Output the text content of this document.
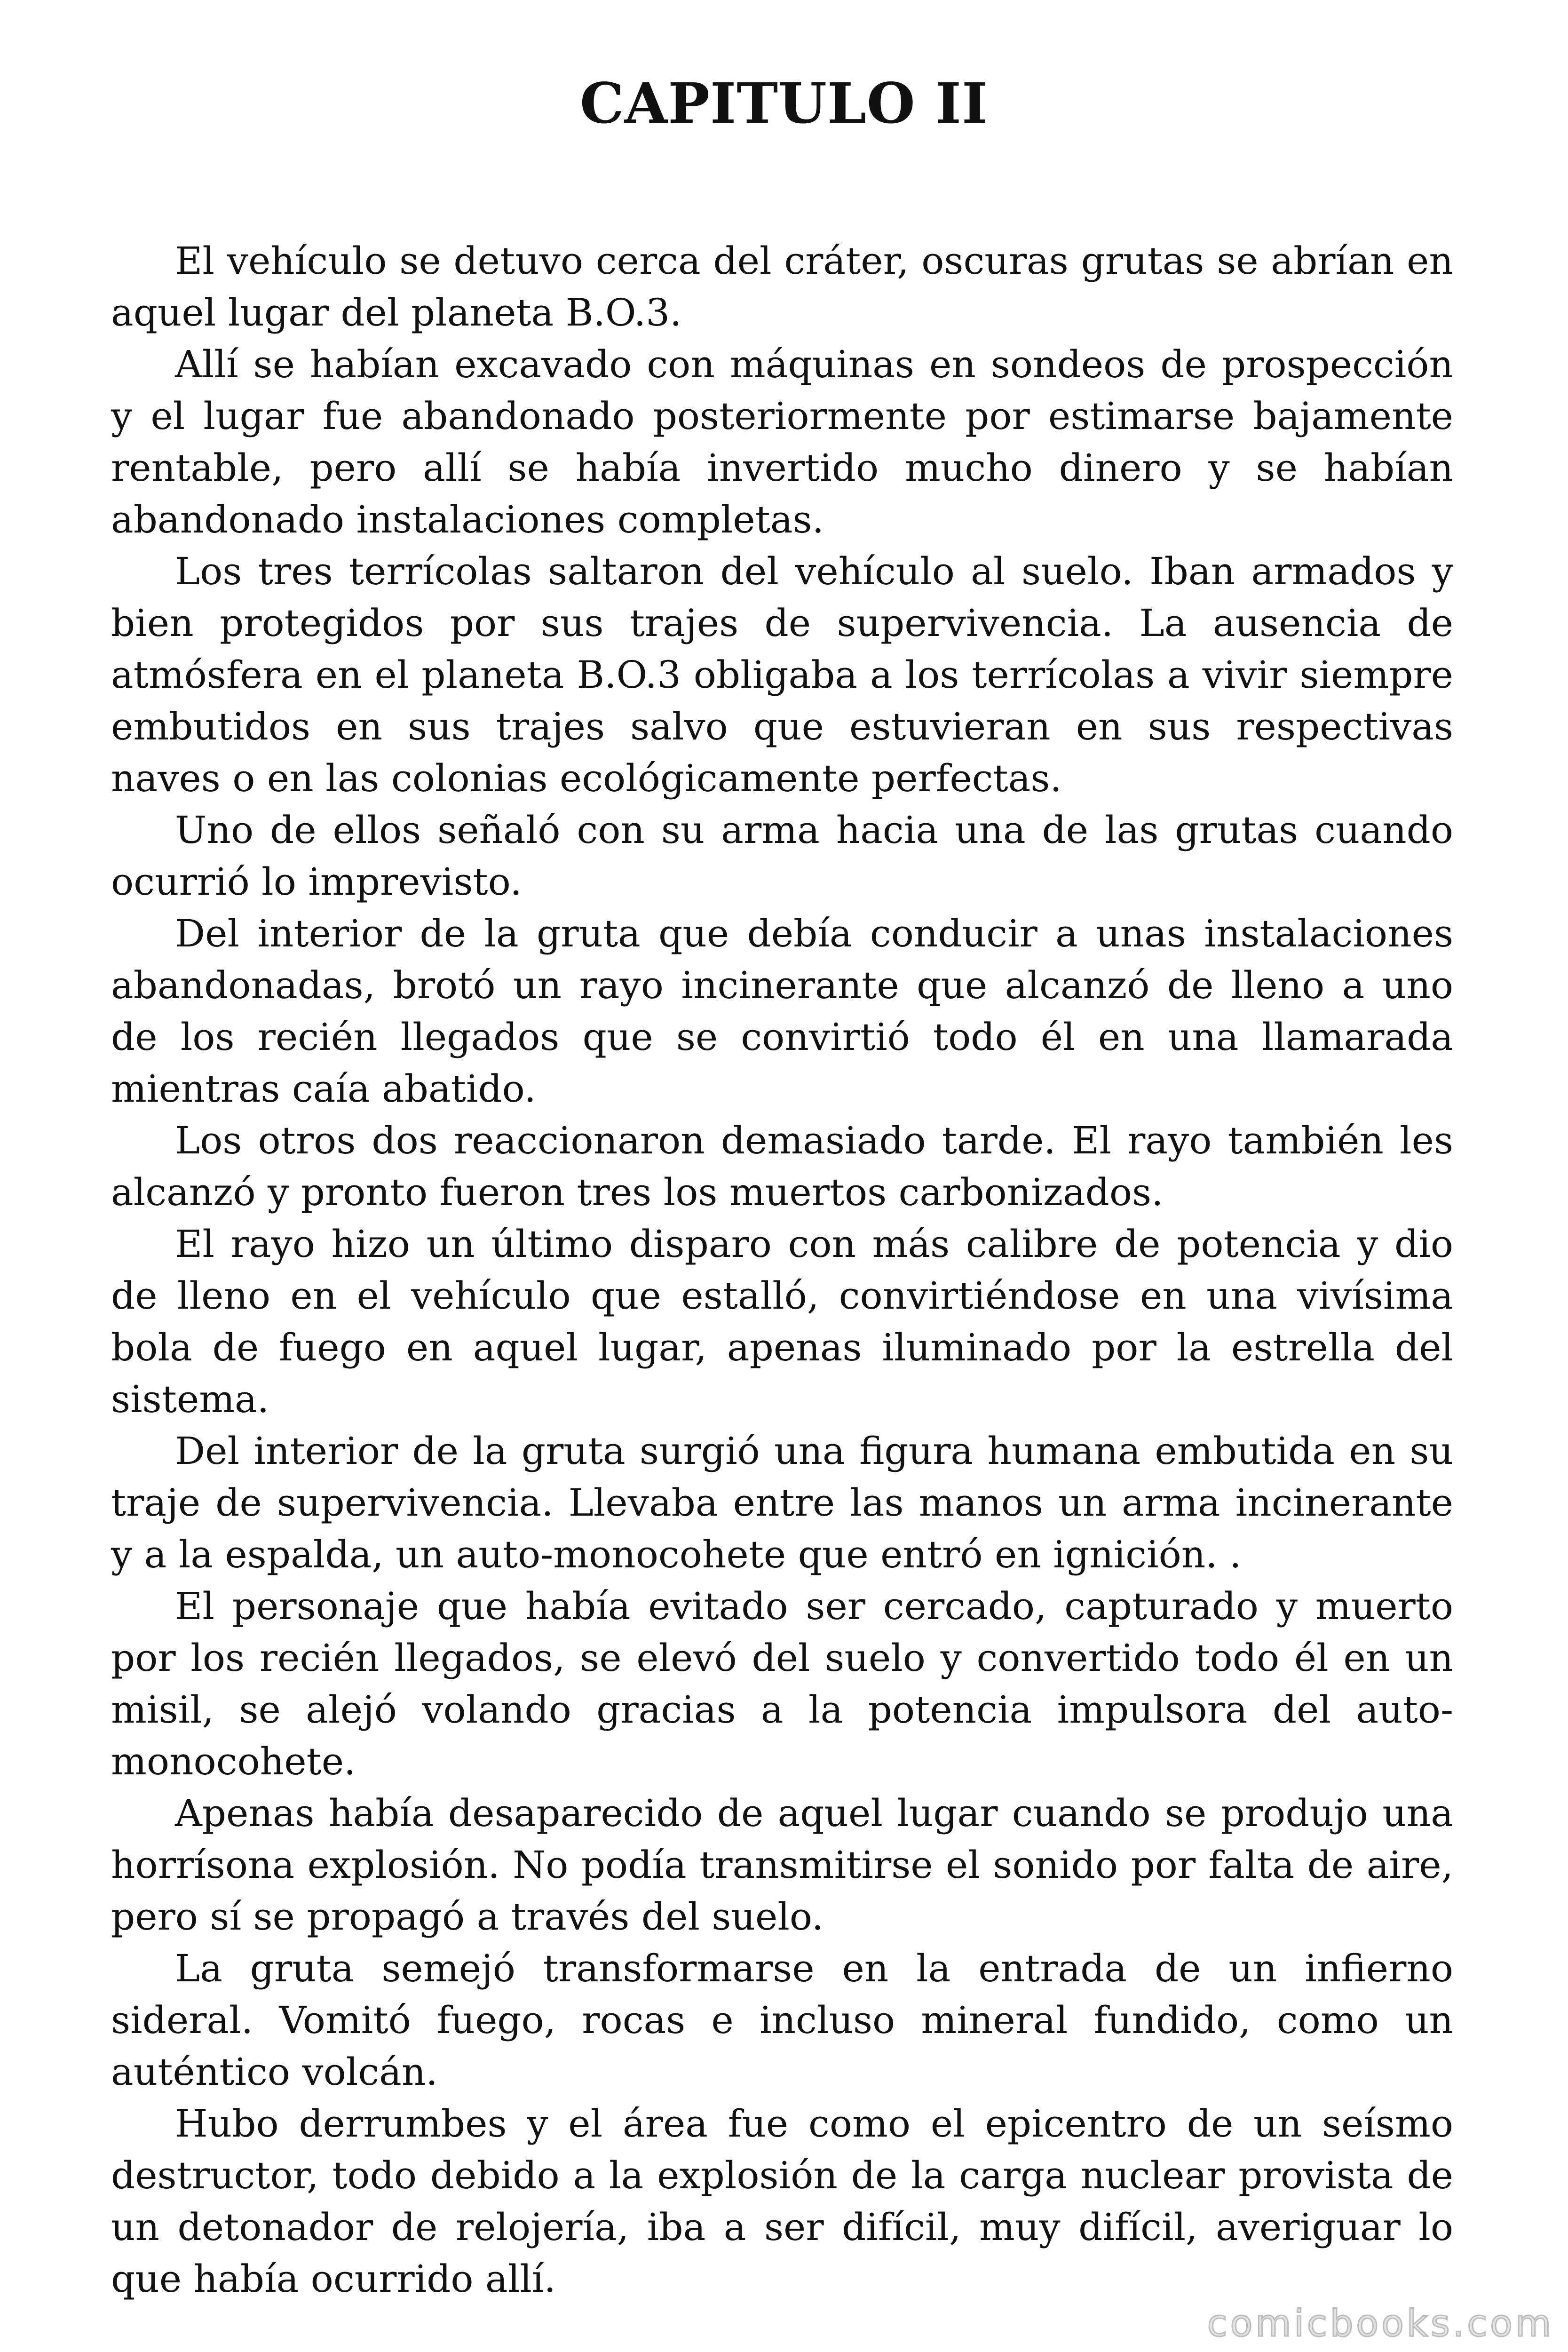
CAPITULO II

El vehículo se detuvo cerca del cráter, oscuras grutas se abrían en aquel lugar del planeta B.O.3.

Allí se habían excavado con máquinas en sondeos de prospección y el lugar fue abandonado posteriormente por estimarse bajamente rentable, pero allí se había invertido mucho dinero y se habían abandonado instalaciones completas.

Los tres terrícolas saltaron del vehículo al suelo. Iban armados y bien protegidos por sus trajes de supervivencia. La ausencia de atmósfera en el planeta B.O.3 obligaba a los terrícolas a vivir siempre embutidos en sus trajes salvo que estuvieran en sus respectivas naves o en las colonias ecológicamente perfectas.

Uno de ellos señaló con su arma hacia una de las grutas cuando ocurrió lo imprevisto.

Del interior de la gruta que debía conducir a unas instalaciones abandonadas, brotó un rayo incinerante que alcanzó de lleno a uno de los recién llegados que se convirtió todo él en una llamarada mientras caía abatido.

Los otros dos reaccionaron demasiado tarde. El rayo también les alcanzó y pronto fueron tres los muertos carbonizados.

El rayo hizo un último disparo con más calibre de potencia y dio de lleno en el vehículo que estalló, convirtiéndose en una vivísima bola de fuego en aquel lugar, apenas iluminado por la estrella del sistema.

Del interior de la gruta surgió una figura humana embutida en su traje de supervivencia. Llevaba entre las manos un arma incinerante y a la espalda, un auto-monocohete que entró en ignición. .

El personaje que había evitado ser cercado, capturado y muerto por los recién llegados, se elevó del suelo y convertido todo él en un misil, se alejó volando gracias a la potencia impulsora del auto-monocohete.

Apenas había desaparecido de aquel lugar cuando se produjo una horrísona explosión. No podía transmitirse el sonido por falta de aire, pero sí se propagó a través del suelo.

La gruta semejó transformarse en la entrada de un infierno sideral. Vomitó fuego, rocas e incluso mineral fundido, como un auténtico volcán.

Hubo derrumbes y el área fue como el epicentro de un seísmo destructor, todo debido a la explosión de la carga nuclear provista de un detonador de relojería, iba a ser difícil, muy difícil, averiguar lo que había ocurrido allí.

comicbooks.com
